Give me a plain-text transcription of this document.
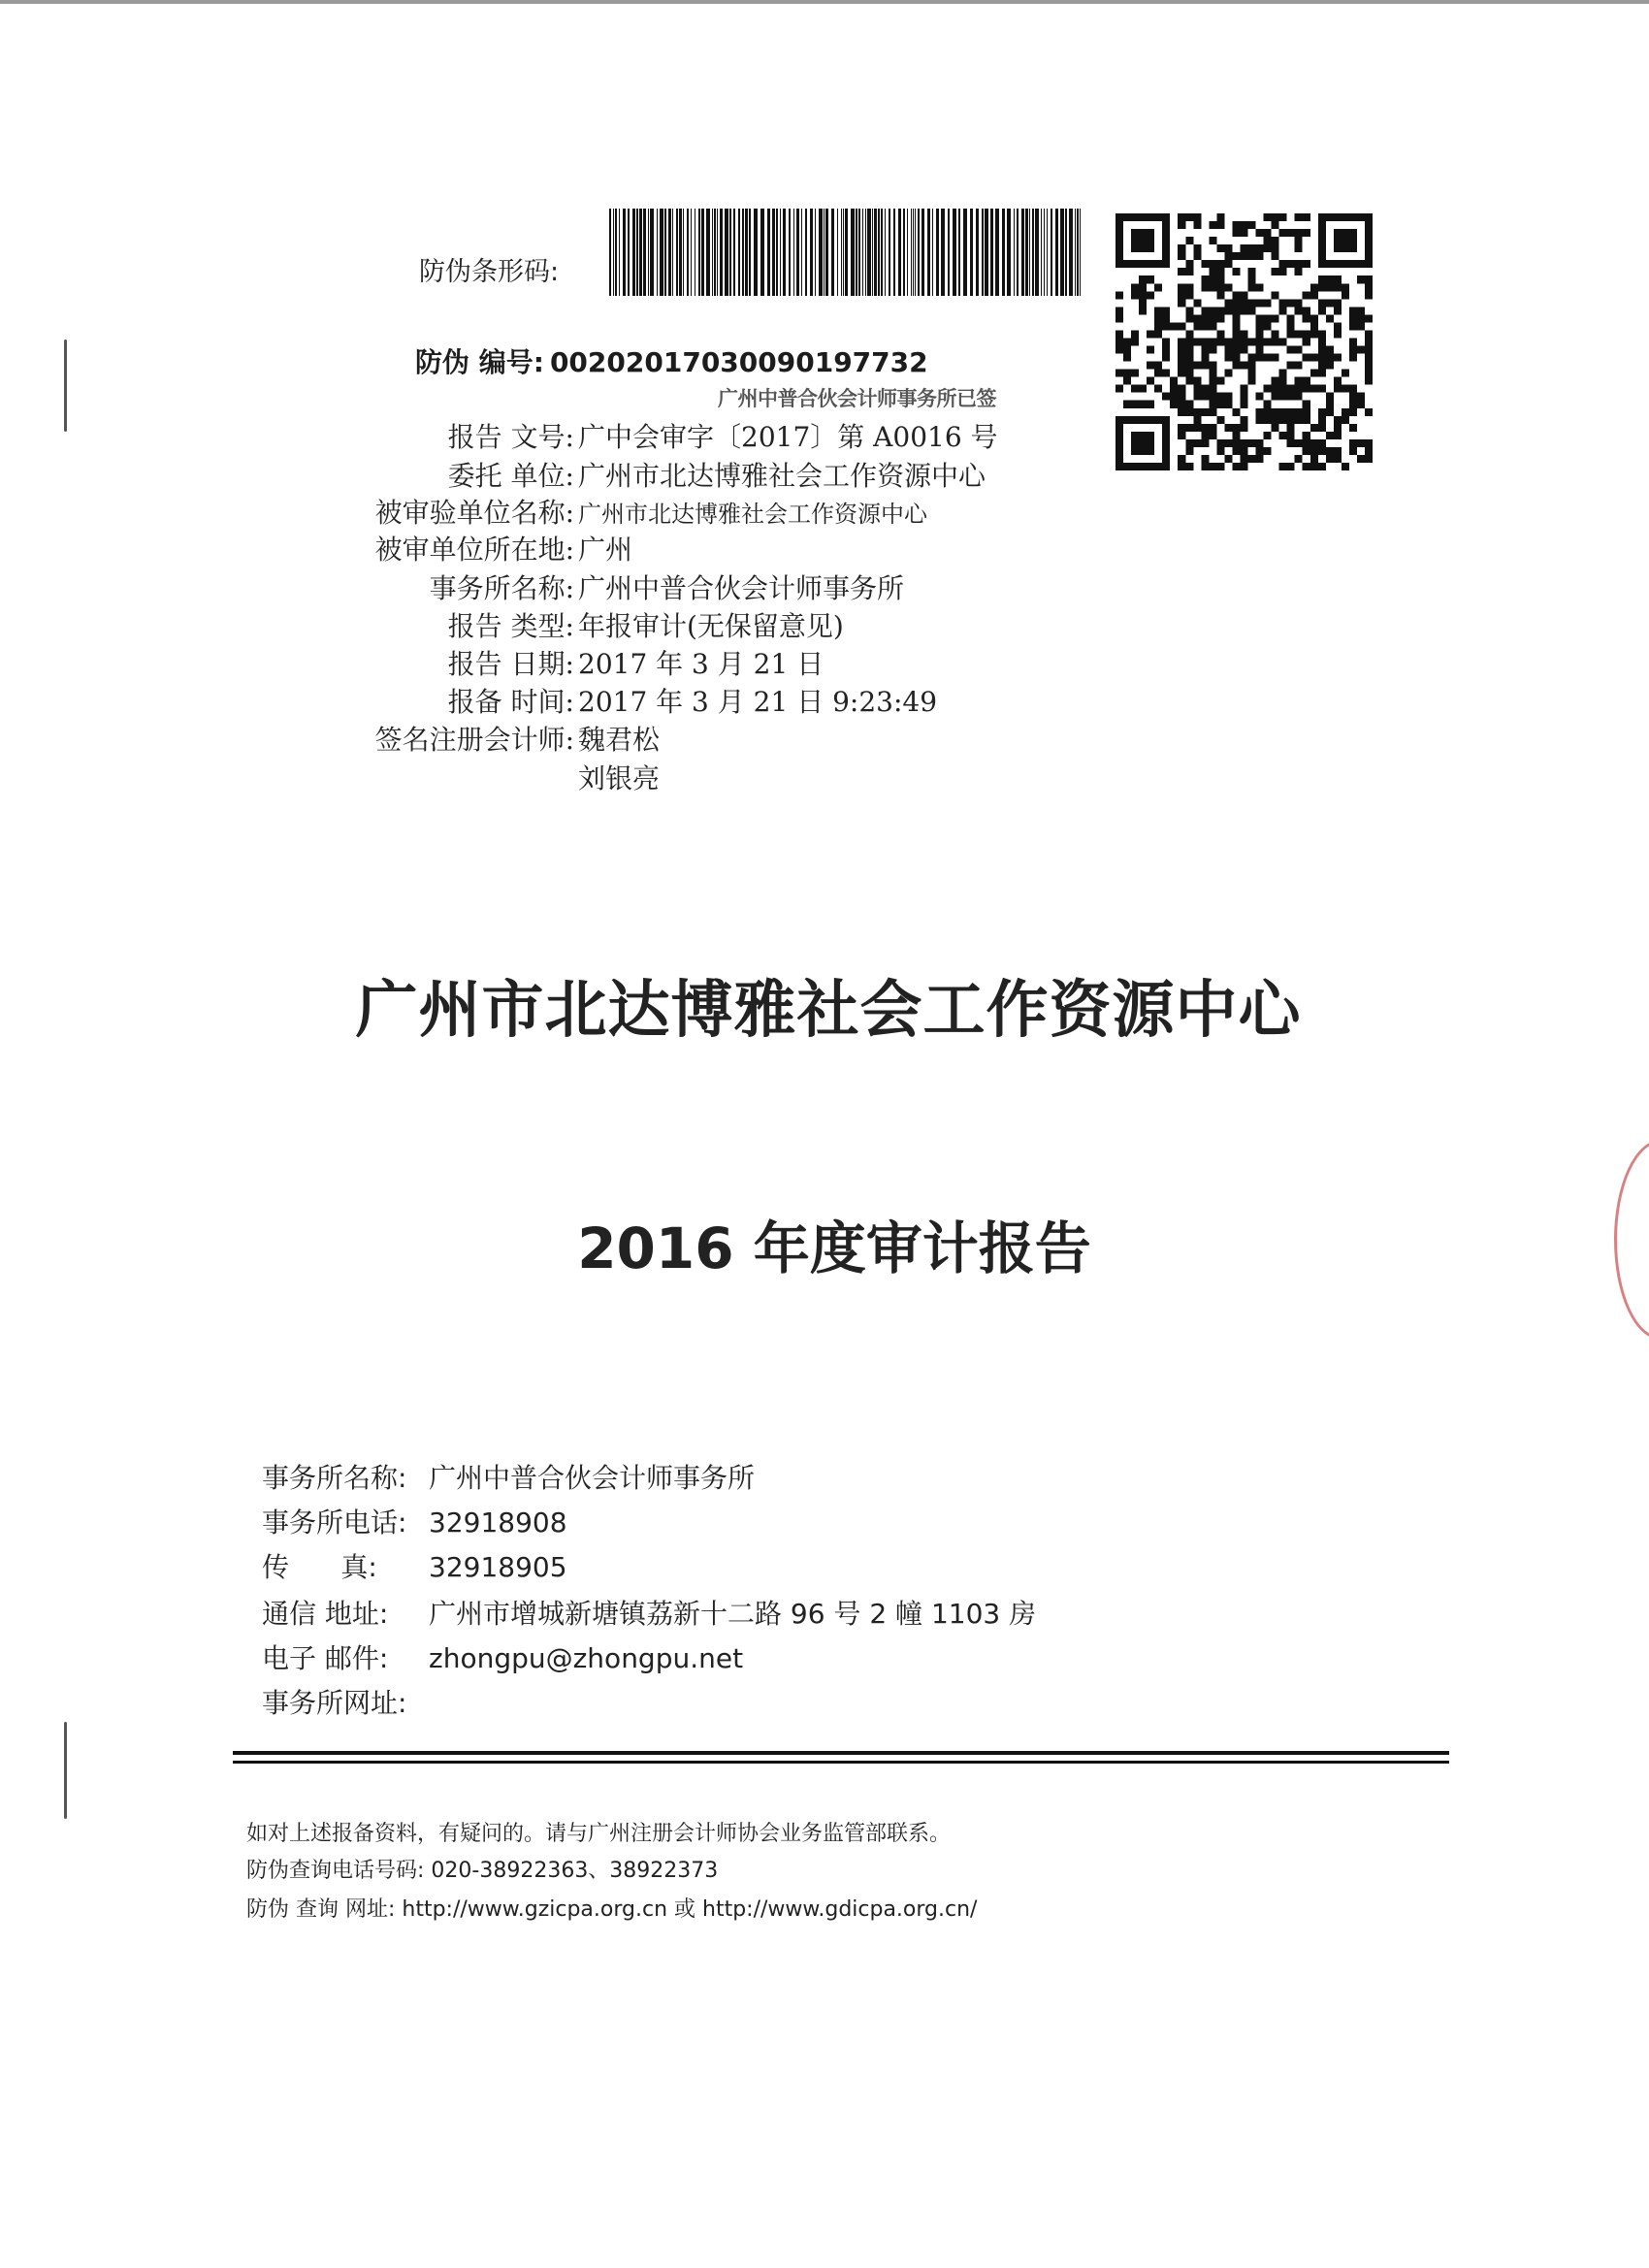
防伪条形码:
防伪 编号: 00202017030090197732
广州中普合伙会计师事务所已签
报告 文号: 广中会审字〔2017〕第 A0016 号
委托 单位: 广州市北达博雅社会工作资源中心
被审验单位名称: 广州市北达博雅社会工作资源中心
被审单位所在地: 广州
事务所名称: 广州中普合伙会计师事务所
报告 类型: 年报审计(无保留意见)
报告 日期: 2017 年 3 月 21 日
报备 时间: 2017 年 3 月 21 日 9:23:49
签名注册会计师: 魏君松
刘银亮
广州市北达博雅社会工作资源中心
2016 年度审计报告
事务所名称: 广州中普合伙会计师事务所
事务所电话: 32918908
传      真: 32918905
通信 地址: 广州市增城新塘镇荔新十二路 96 号 2 幢 1103 房
电子 邮件: zhongpu@zhongpu.net
事务所网址:
如对上述报备资料，有疑问的。请与广州注册会计师协会业务监管部联系。
防伪查询电话号码: 020-38922363、38922373
防伪 查询 网址: http://www.gzicpa.org.cn 或 http://www.gdicpa.org.cn/
